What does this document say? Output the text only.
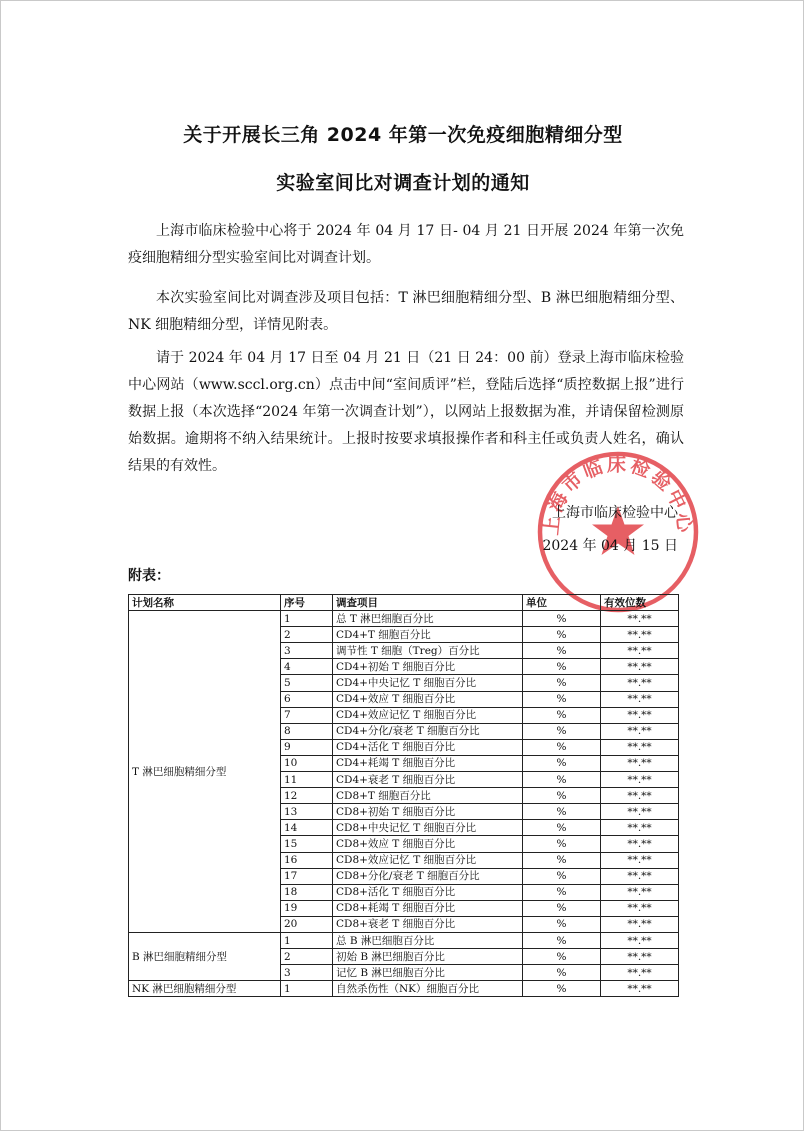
关于开展长三角 2024 年第一次免疫细胞精细分型
实验室间比对调查计划的通知

上海市临床检验中心将于 2024 年 04 月 17 日- 04 月 21 日开展 2024 年第一次免疫细胞精细分型实验室间比对调查计划。

本次实验室间比对调查涉及项目包括：T 淋巴细胞精细分型、B 淋巴细胞精细分型、NK 细胞精细分型，详情见附表。

请于 2024 年 04 月 17 日至 04 月 21 日（21 日 24：00 前）登录上海市临床检验中心网站（www.sccl.org.cn）点击中间“室间质评”栏，登陆后选择“质控数据上报”进行数据上报（本次选择“2024 年第一次调查计划”），以网站上报数据为准，并请保留检测原始数据。逾期将不纳入结果统计。上报时按要求填报操作者和科主任或负责人姓名，确认结果的有效性。

上海市临床检验中心

上海市临床检验中心

2024 年 04 月 15 日

附表：

计划名称	序号	调查项目	单位	有效位数
T 淋巴细胞精细分型	1	总 T 淋巴细胞百分比	%	**.**
	2	CD4+T 细胞百分比	%	**.**
	3	调节性 T 细胞（Treg）百分比	%	**.**
	4	CD4+初始 T 细胞百分比	%	**.**
	5	CD4+中央记忆 T 细胞百分比	%	**.**
	6	CD4+效应 T 细胞百分比	%	**.**
	7	CD4+效应记忆 T 细胞百分比	%	**.**
	8	CD4+分化/衰老 T 细胞百分比	%	**.**
	9	CD4+活化 T 细胞百分比	%	**.**
	10	CD4+耗竭 T 细胞百分比	%	**.**
	11	CD4+衰老 T 细胞百分比	%	**.**
	12	CD8+T 细胞百分比	%	**.**
	13	CD8+初始 T 细胞百分比	%	**.**
	14	CD8+中央记忆 T 细胞百分比	%	**.**
	15	CD8+效应 T 细胞百分比	%	**.**
	16	CD8+效应记忆 T 细胞百分比	%	**.**
	17	CD8+分化/衰老 T 细胞百分比	%	**.**
	18	CD8+活化 T 细胞百分比	%	**.**
	19	CD8+耗竭 T 细胞百分比	%	**.**
	20	CD8+衰老 T 细胞百分比	%	**.**
B 淋巴细胞精细分型	1	总 B 淋巴细胞百分比	%	**.**
	2	初始 B 淋巴细胞百分比	%	**.**
	3	记忆 B 淋巴细胞百分比	%	**.**
NK 淋巴细胞精细分型	1	自然杀伤性（NK）细胞百分比	%	**.**
